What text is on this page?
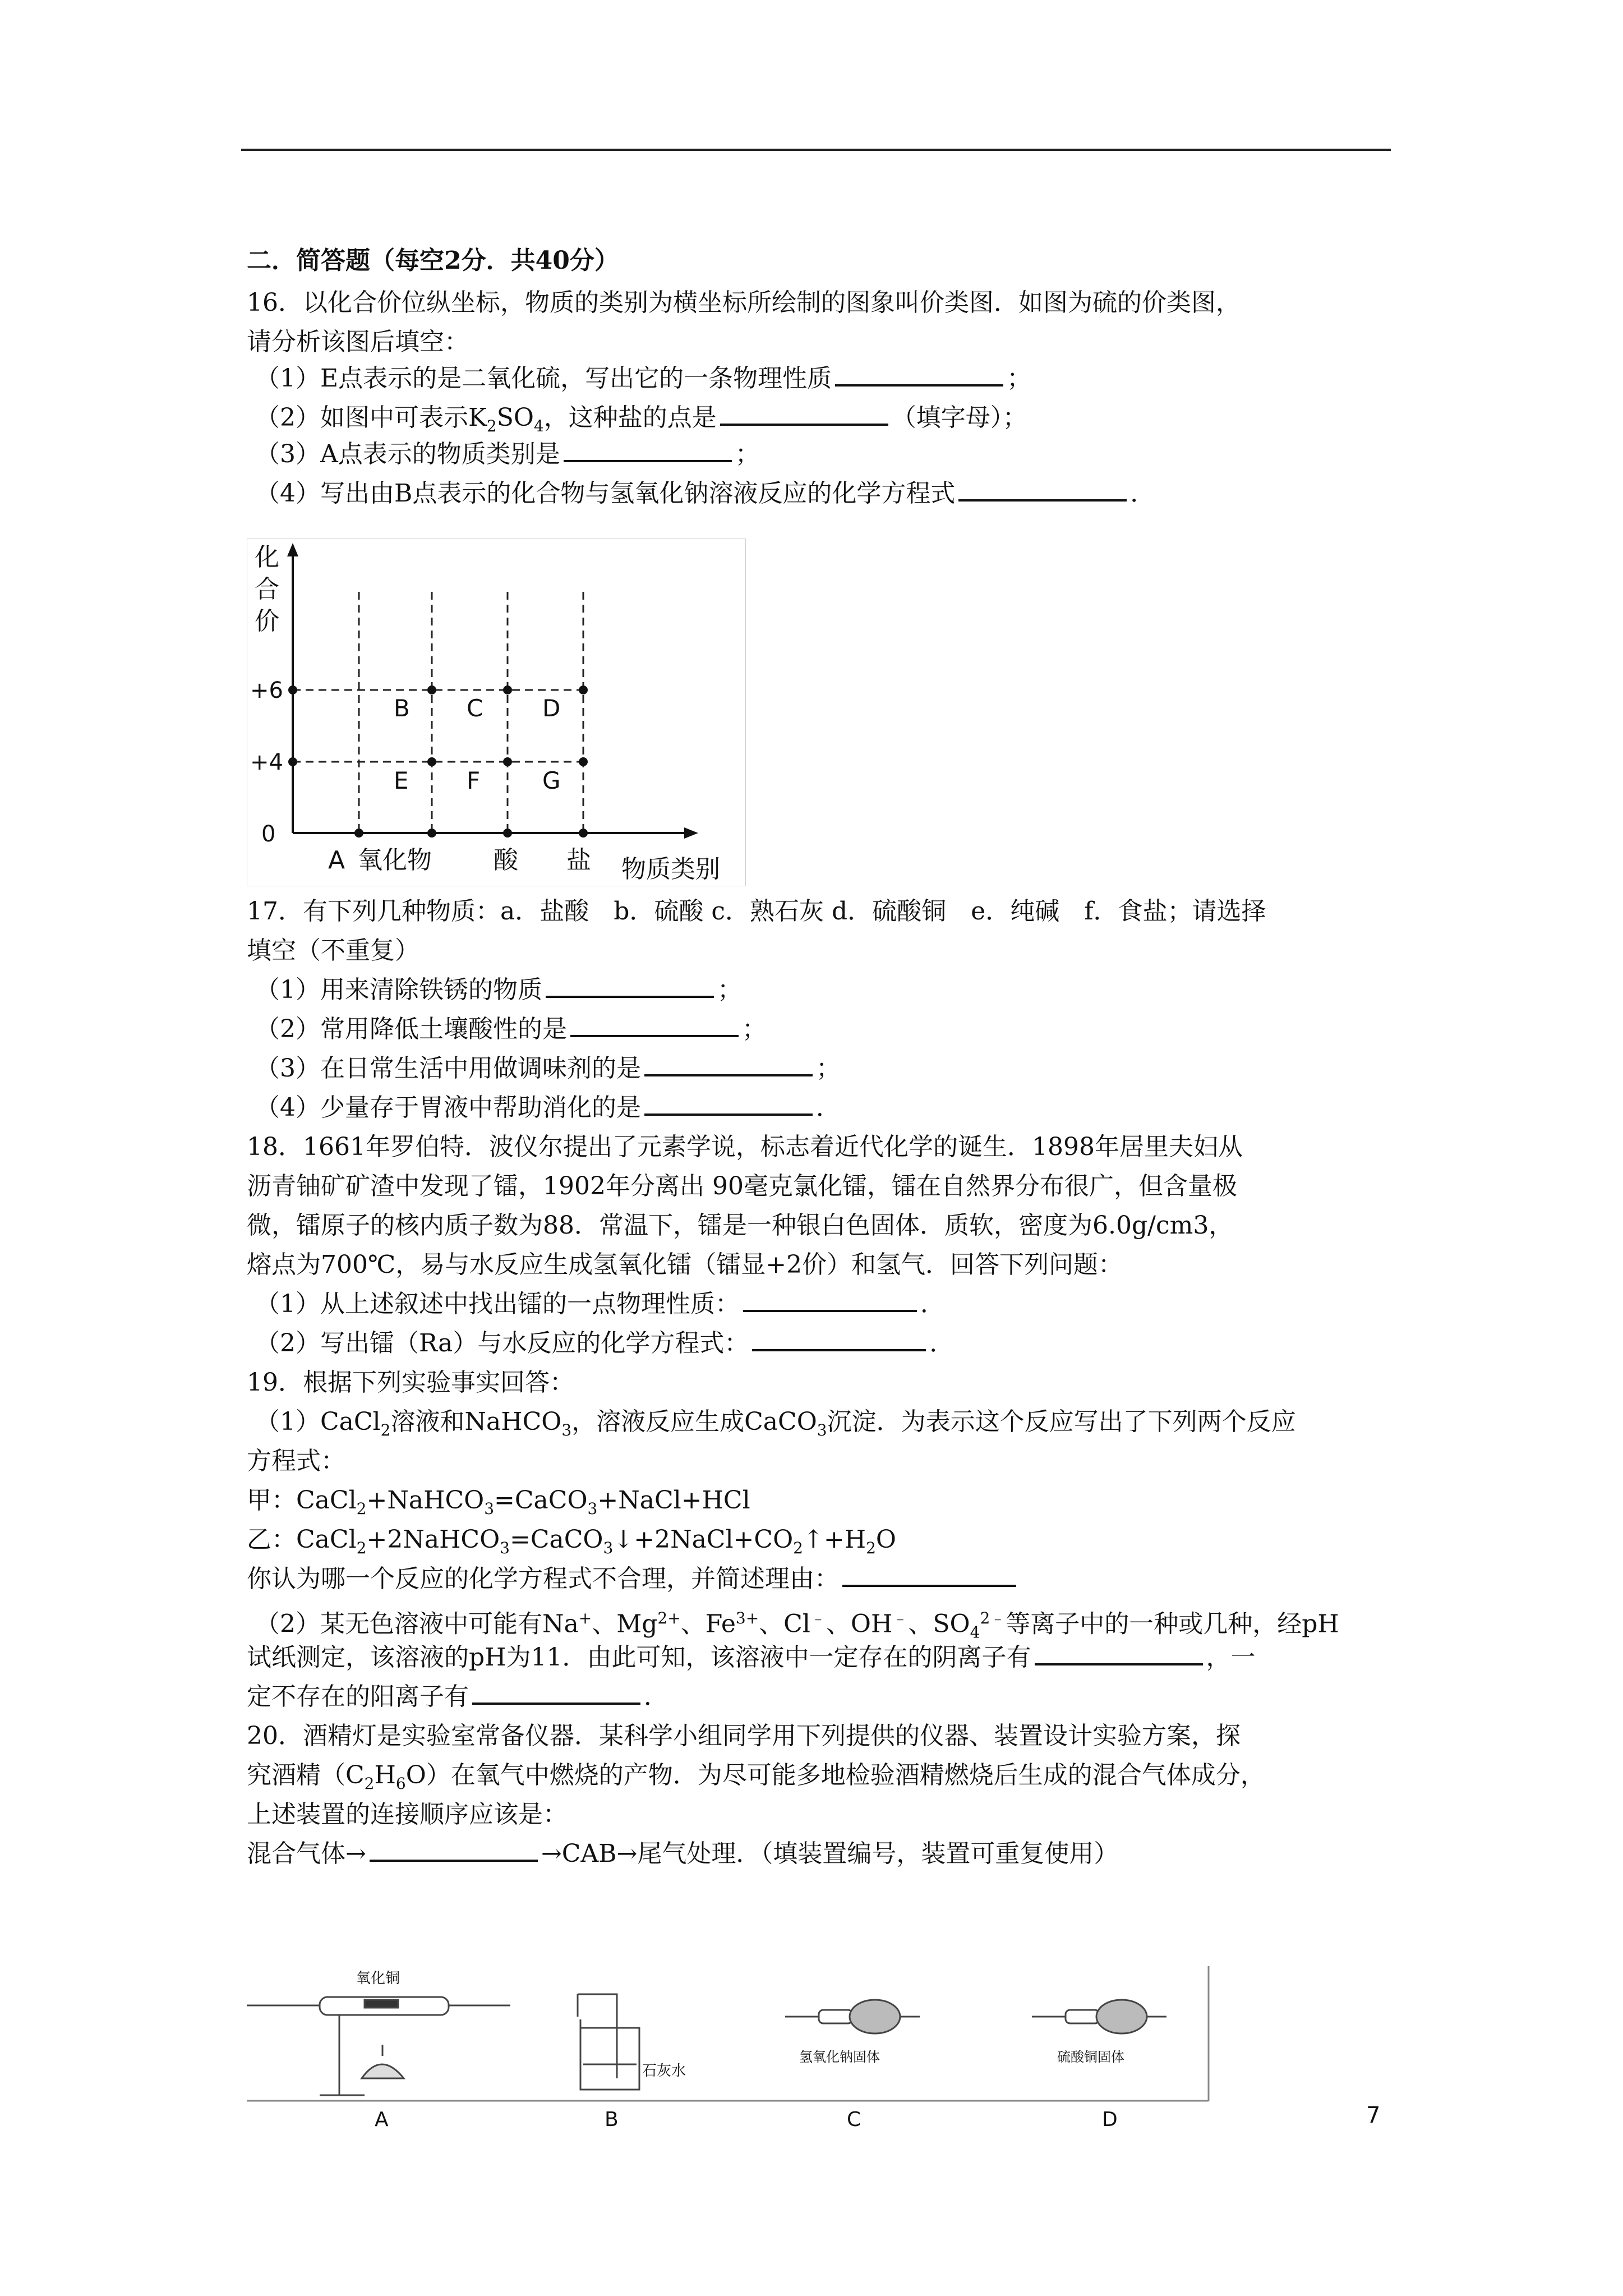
二．简答题（每空2分．共40分）
16．以化合价位纵坐标，物质的类别为横坐标所绘制的图象叫价类图．如图为硫的价类图，
请分析该图后填空：
（1）E点表示的是二氧化硫，写出它的一条物理性质	；
（2）如图中可表示$K_2SO_4$，这种盐的点是	（填字母）；
（3）A点表示的物质类别是	；
（4）写出由B点表示的化合物与氢氧化钠溶液反应的化学方程式	．
化
合
价
+6
+4
0
B C	D
E F	G
A 氧化物	酸 盐 物质类别
17．有下列几种物质：a．盐酸　b．硫酸 c．熟石灰 d．硫酸铜　e．纯碱　f．食盐；请选择
填空（不重复）
（1）用来清除铁锈的物质	；
（2）常用降低土壤酸性的是	；
（3）在日常生活中用做调味剂的是	；
（4）少量存于胃液中帮助消化的是	．
18．1661年罗伯特．波仪尔提出了元素学说，标志着近代化学的诞生．1898年居里夫妇从
沥青铀矿矿渣中发现了镭，1902年分离出 90毫克氯化镭，镭在自然界分布很广，但含量极
微，镭原子的核内质子数为88．常温下，镭是一种银白色固体．质软，密度为6.0g/cm3，
熔点为700℃，易与水反应生成氢氧化镭（镭显+2价）和氢气．回答下列问题：
（1）从上述叙述中找出镭的一点物理性质：	．
（2）写出镭（Ra）与水反应的化学方程式：	．
19．根据下列实验事实回答：
（1）CaCl$_2$溶液和NaHCO$_3$，溶液反应生成CaCO$_3$沉淀．为表示这个反应写出了下列两个反应
方程式：
甲：CaCl$_2$+NaHCO$_3$=CaCO$_3$+NaCl+HCl
乙：$CaCl_2+2NaHCO_3=CaCO_3↓+2NaCl+CO_2↑+H_2O$
你认为哪一个反应的化学方程式不合理，并简述理由：
（2）某无色溶液中可能有Na+、$Mg^{2+}$、$Fe^{3+}$、Cl﹣、OH﹣、$SO_4^{2﹣}$等离子中的一种或几种，经pH
试纸测定，该溶液的pH为11．由此可知，该溶液中一定存在的阴离子有	，一
定不存在的阳离子有	．
20．酒精灯是实验室常备仪器．某科学小组同学用下列提供的仪器、装置设计实验方案，探
究酒精$(C_2H_6O)$在氧气中燃烧的产物．为尽可能多地检验酒精燃烧后生成的混合气体成分，
上述装置的连接顺序应该是：
混合气体→	→CAB→尾气处理．（填装置编号，装置可重复使用）
氧化铜
A
石灰水
B
氢氧化钠固体
C
硫酸铜固体
D	7
